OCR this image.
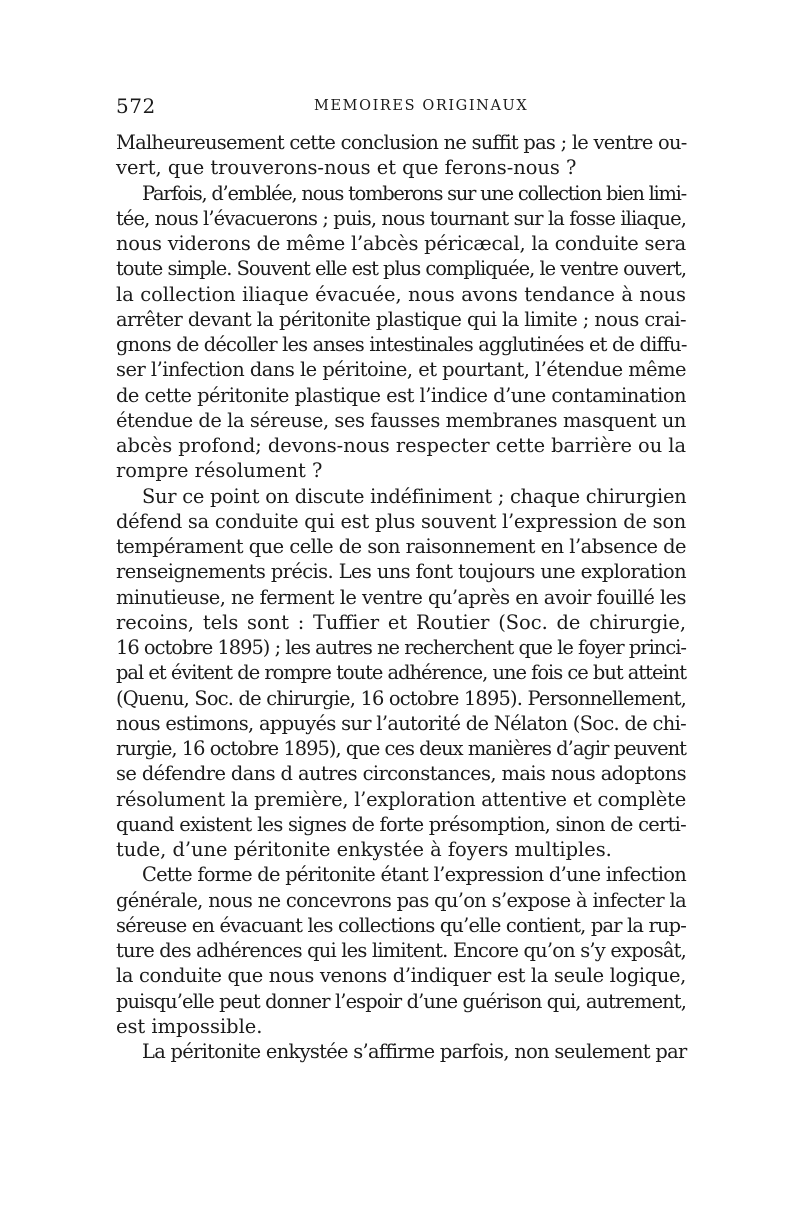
572	MEMOIRES ORIGINAUX

Malheureusement cette conclusion ne suffit pas ; le ventre ou-
vert, que trouverons-nous et que ferons-nous ?

Parfois, d’emblée, nous tomberons sur une collection bien limi-
tée, nous l’évacuerons ; puis, nous tournant sur la fosse iliaque,
nous viderons de même l’abcès péricæcal, la conduite sera
toute simple. Souvent elle est plus compliquée, le ventre ouvert,
la collection iliaque évacuée, nous avons tendance à nous
arrêter devant la péritonite plastique qui la limite ; nous crai-
gnons de décoller les anses intestinales agglutinées et de diffu-
ser l’infection dans le péritoine, et pourtant, l’étendue même
de cette péritonite plastique est l’indice d’une contamination
étendue de la séreuse, ses fausses membranes masquent un
abcès profond; devons-nous respecter cette barrière ou la
rompre résolument ?

Sur ce point on discute indéfiniment ; chaque chirurgien
défend sa conduite qui est plus souvent l’expression de son
tempérament que celle de son raisonnement en l’absence de
renseignements précis. Les uns font toujours une exploration
minutieuse, ne ferment le ventre qu’après en avoir fouillé les
recoins, tels sont : Tuffier et Routier (Soc. de chirurgie,
16 octobre 1895) ; les autres ne recherchent que le foyer princi-
pal et évitent de rompre toute adhérence, une fois ce but atteint
(Quenu, Soc. de chirurgie, 16 octobre 1895). Personnellement,
nous estimons, appuyés sur l’autorité de Nélaton (Soc. de chi-
rurgie, 16 octobre 1895), que ces deux manières d’agir peuvent
se défendre dans d autres circonstances, mais nous adoptons
résolument la première, l’exploration attentive et complète
quand existent les signes de forte présomption, sinon de certi-
tude, d’une péritonite enkystée à foyers multiples.

Cette forme de péritonite étant l’expression d’une infection
générale, nous ne concevrons pas qu’on s’expose à infecter la
séreuse en évacuant les collections qu’elle contient, par la rup-
ture des adhérences qui les limitent. Encore qu’on s’y exposât,
la conduite que nous venons d’indiquer est la seule logique,
puisqu’elle peut donner l’espoir d’une guérison qui, autrement,
est impossible.

La péritonite enkystée s’affirme parfois, non seulement par
